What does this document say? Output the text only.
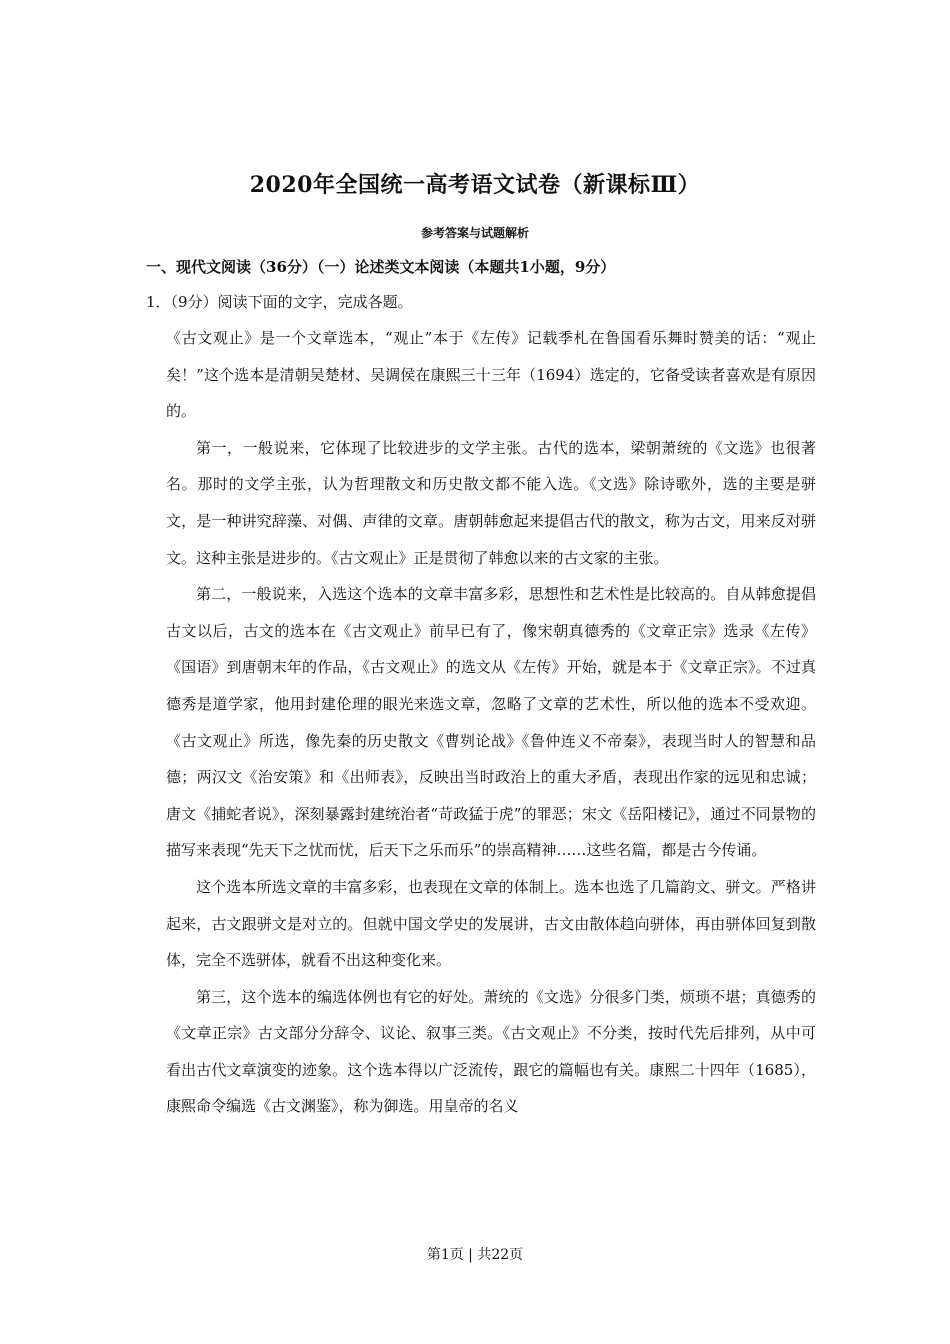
2020年全国统一高考语文试卷（新课标Ⅲ）
参考答案与试题解析
一、现代文阅读（36分）（一）论述类文本阅读（本题共1小题，9分）
1．（9分）阅读下面的文字，完成各题。

《古文观止》是一个文章选本，“观止”本于《左传》记载季札在鲁国看乐舞时赞美的话：“观止矣！”这个选本是清朝吴楚材、吴调侯在康熙三十三年（1694）选定的，它备受读者喜欢是有原因的。

第一，一般说来，它体现了比较进步的文学主张。古代的选本，梁朝萧统的《文选》也很著名。那时的文学主张，认为哲理散文和历史散文都不能入选。《文选》除诗歌外，选的主要是骈文，是一种讲究辞藻、对偶、声律的文章。唐朝韩愈起来提倡古代的散文，称为古文，用来反对骈文。这种主张是进步的。《古文观止》正是贯彻了韩愈以来的古文家的主张。

第二，一般说来，入选这个选本的文章丰富多彩，思想性和艺术性是比较高的。自从韩愈提倡古文以后，古文的选本在《古文观止》前早已有了，像宋朝真德秀的《文章正宗》选录《左传》《国语》到唐朝末年的作品，《古文观止》的选文从《左传》开始，就是本于《文章正宗》。不过真德秀是道学家，他用封建伦理的眼光来选文章，忽略了文章的艺术性，所以他的选本不受欢迎。《古文观止》所选，像先秦的历史散文《曹刿论战》《鲁仲连义不帝秦》，表现当时人的智慧和品德；两汉文《治安策》和《出师表》，反映出当时政治上的重大矛盾，表现出作家的远见和忠诚；唐文《捕蛇者说》，深刻暴露封建统治者“苛政猛于虎”的罪恶；宋文《岳阳楼记》，通过不同景物的描写来表现“先天下之忧而忧，后天下之乐而乐”的崇高精神……这些名篇，都是古今传诵。

这个选本所选文章的丰富多彩，也表现在文章的体制上。选本也选了几篇韵文、骈文。严格讲起来，古文跟骈文是对立的。但就中国文学史的发展讲，古文由散体趋向骈体，再由骈体回复到散体，完全不选骈体，就看不出这种变化来。

第三，这个选本的编选体例也有它的好处。萧统的《文选》分很多门类，烦琐不堪；真德秀的《文章正宗》古文部分分辞令、议论、叙事三类。《古文观止》不分类，按时代先后排列，从中可看出古代文章演变的迹象。这个选本得以广泛流传，跟它的篇幅也有关。康熙二十四年（1685），康熙命令编选《古文渊鉴》，称为御选。用皇帝的名义

第1页 | 共22页
